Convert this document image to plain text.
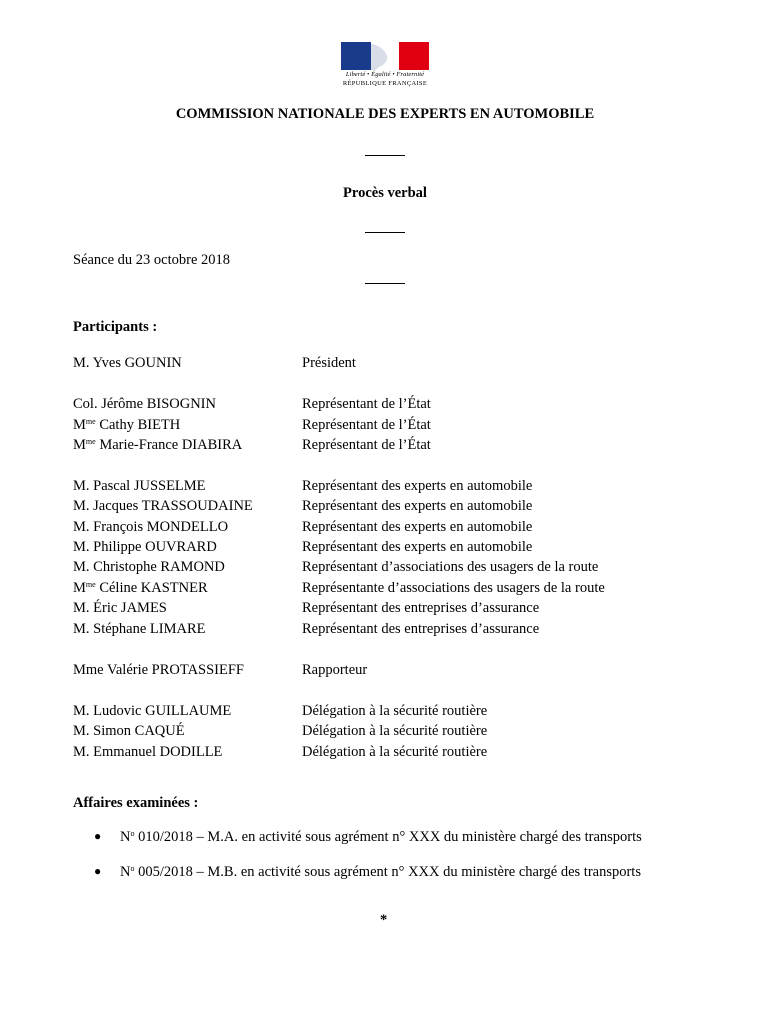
Liberté • Égalité • Fraternité
RÉPUBLIQUE FRANÇAISE
COMMISSION NATIONALE DES EXPERTS EN AUTOMOBILE
Procès verbal
Séance du 23 octobre 2018
Participants :
M. Yves GOUNIN	Président
Col. Jérôme BISOGNIN	Représentant de l’État
$M^{me}$ Cathy BIETH	Représentant de l’État
$M^{me}$ Marie-France DIABIRA	Représentant de l’État
M. Pascal JUSSELME	Représentant des experts en automobile
M. Jacques TRASSOUDAINE	Représentant des experts en automobile
M. François MONDELLO	Représentant des experts en automobile
M. Philippe OUVRARD	Représentant des experts en automobile
M. Christophe RAMOND	Représentant d’associations des usagers de la route
$M^{me}$ Céline KASTNER	Représentante d’associations des usagers de la route
M. Éric JAMES	Représentant des entreprises d’assurance
M. Stéphane LIMARE	Représentant des entreprises d’assurance
Mme Valérie PROTASSIEFF	Rapporteur
M. Ludovic GUILLAUME	Délégation à la sécurité routière
M. Simon CAQUÉ	Délégation à la sécurité routière
M. Emmanuel DODILLE	Délégation à la sécurité routière
Affaires examinées :
● $N^o$ 010/2018 – M.A. en activité sous agrément n° XXX du ministère chargé des transports
● $N^o$ 005/2018 – M.B. en activité sous agrément n° XXX du ministère chargé des transports
*
